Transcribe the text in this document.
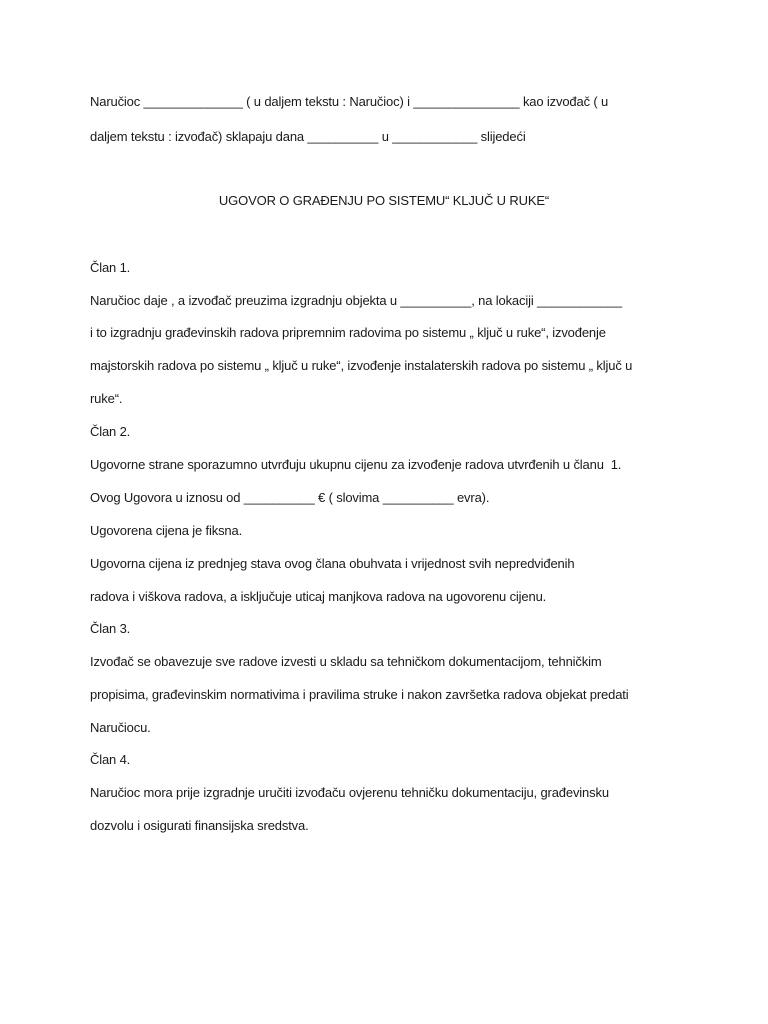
Naručioc ______________ ( u daljem tekstu : Naručioc) i _______________ kao izvođač ( u
daljem tekstu : izvođač) sklapaju dana __________ u ____________ slijedeći
UGOVOR O GRAĐENJU PO SISTEMU“ KLJUČ U RUKE“
Član 1.
Naručioc daje , a izvođač preuzima izgradnju objekta u __________, na lokaciji ____________
i to izgradnju građevinskih radova pripremnim radovima po sistemu „ ključ u ruke“, izvođenje
majstorskih radova po sistemu „ ključ u ruke“, izvođenje instalaterskih radova po sistemu „ ključ u
ruke“.
Član 2.
Ugovorne strane sporazumno utvrđuju ukupnu cijenu za izvođenje radova utvrđenih u članu  1.
Ovog Ugovora u iznosu od __________ € ( slovima __________ evra).
Ugovorena cijena je fiksna.
Ugovorna cijena iz prednjeg stava ovog člana obuhvata i vrijednost svih nepredviđenih
radova i viškova radova, a isključuje uticaj manjkova radova na ugovorenu cijenu.
Član 3.
Izvođač se obavezuje sve radove izvesti u skladu sa tehničkom dokumentacijom, tehničkim
propisima, građevinskim normativima i pravilima struke i nakon završetka radova objekat predati
Naručiocu.
Član 4.
Naručioc mora prije izgradnje uručiti izvođaču ovjerenu tehničku dokumentaciju, građevinsku
dozvolu i osigurati finansijska sredstva.
